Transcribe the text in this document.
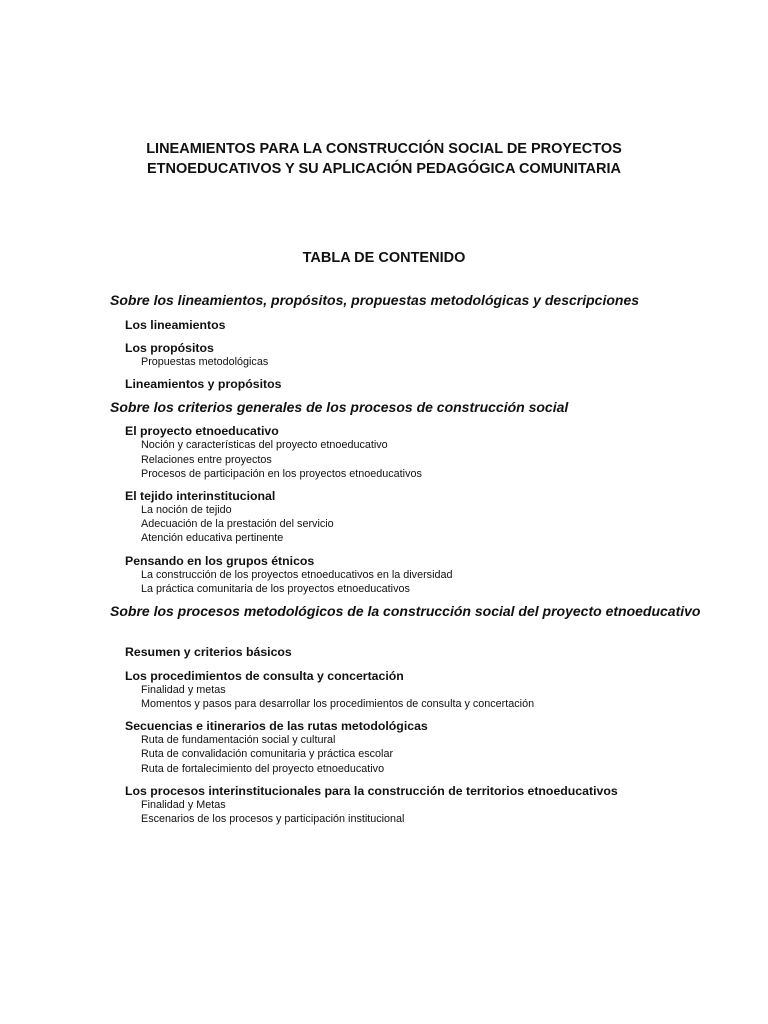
LINEAMIENTOS PARA LA CONSTRUCCIÓN SOCIAL DE PROYECTOS
ETNOEDUCATIVOS Y SU APLICACIÓN PEDAGÓGICA COMUNITARIA
TABLA DE CONTENIDO

Sobre los lineamientos, propósitos, propuestas metodológicas y descripciones

Los lineamientos

Los propósitos

Propuestas metodológicas

Lineamientos y propósitos

Sobre los criterios generales de los procesos de construcción social

El proyecto etnoeducativo

Noción y características del proyecto etnoeducativo

Relaciones entre proyectos

Procesos de participación en los proyectos etnoeducativos

El tejido interinstitucional

La noción de tejido

Adecuación de la prestación del servicio

Atención educativa pertinente

Pensando en los grupos étnicos

La construcción de los proyectos etnoeducativos en la diversidad

La práctica comunitaria de los proyectos etnoeducativos

Sobre los procesos metodológicos de la construcción social del proyecto etnoeducativo

Resumen y criterios básicos

Los procedimientos de consulta y concertación

Finalidad y metas

Momentos y pasos para desarrollar los procedimientos de consulta y concertación

Secuencias e itinerarios de las rutas metodológicas

Ruta de fundamentación social y cultural

Ruta de convalidación comunitaria y práctica escolar

Ruta de fortalecimiento del proyecto etnoeducativo

Los procesos interinstitucionales para la construcción de territorios etnoeducativos

Finalidad y Metas

Escenarios de los procesos y participación institucional
